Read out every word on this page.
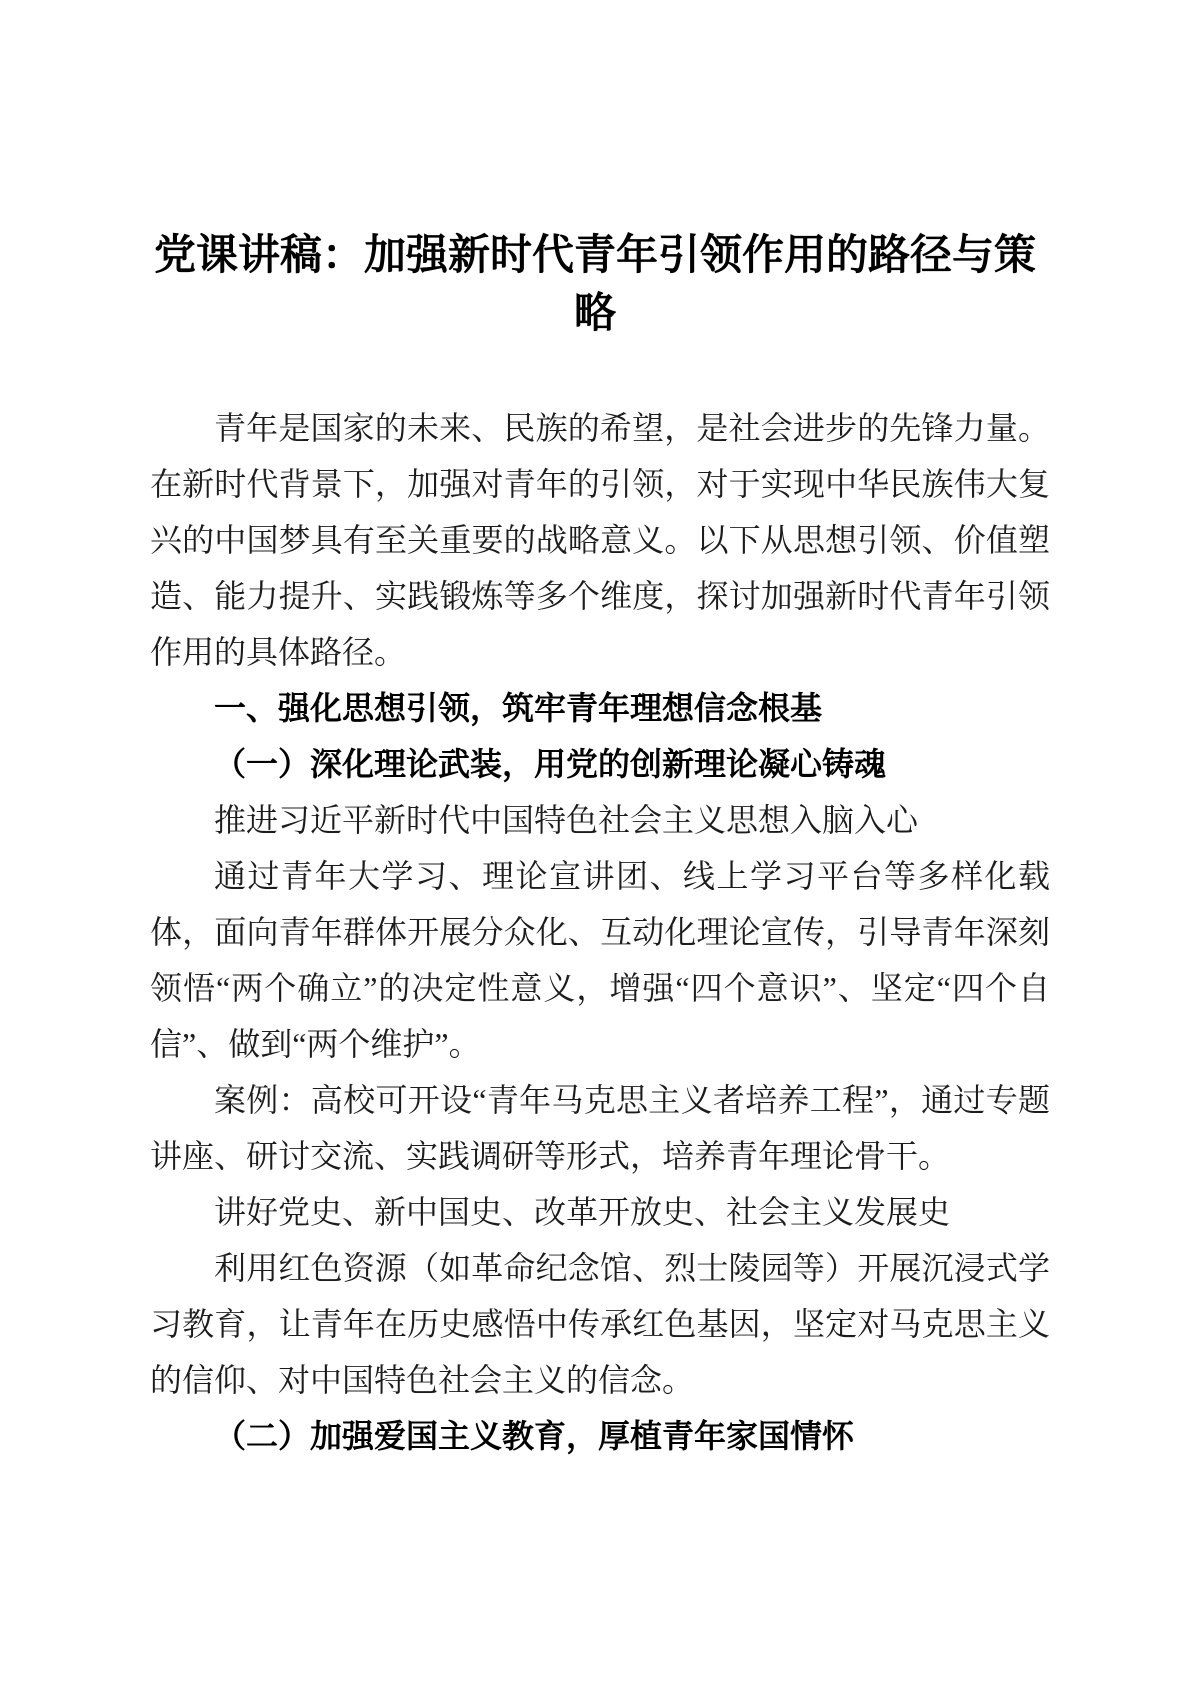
党课讲稿：加强新时代青年引领作用的路径与策略

青年是国家的未来、民族的希望，是社会进步的先锋力量。在新时代背景下，加强对青年的引领，对于实现中华民族伟大复兴的中国梦具有至关重要的战略意义。以下从思想引领、价值塑造、能力提升、实践锻炼等多个维度，探讨加强新时代青年引领作用的具体路径。

一、强化思想引领，筑牢青年理想信念根基

（一）深化理论武装，用党的创新理论凝心铸魂

推进习近平新时代中国特色社会主义思想入脑入心

通过青年大学习、理论宣讲团、线上学习平台等多样化载体，面向青年群体开展分众化、互动化理论宣传，引导青年深刻领悟“两个确立”的决定性意义，增强“四个意识”、坚定“四个自信”、做到“两个维护”。

案例：高校可开设“青年马克思主义者培养工程”，通过专题讲座、研讨交流、实践调研等形式，培养青年理论骨干。

讲好党史、新中国史、改革开放史、社会主义发展史

利用红色资源（如革命纪念馆、烈士陵园等）开展沉浸式学习教育，让青年在历史感悟中传承红色基因，坚定对马克思主义的信仰、对中国特色社会主义的信念。

（二）加强爱国主义教育，厚植青年家国情怀
